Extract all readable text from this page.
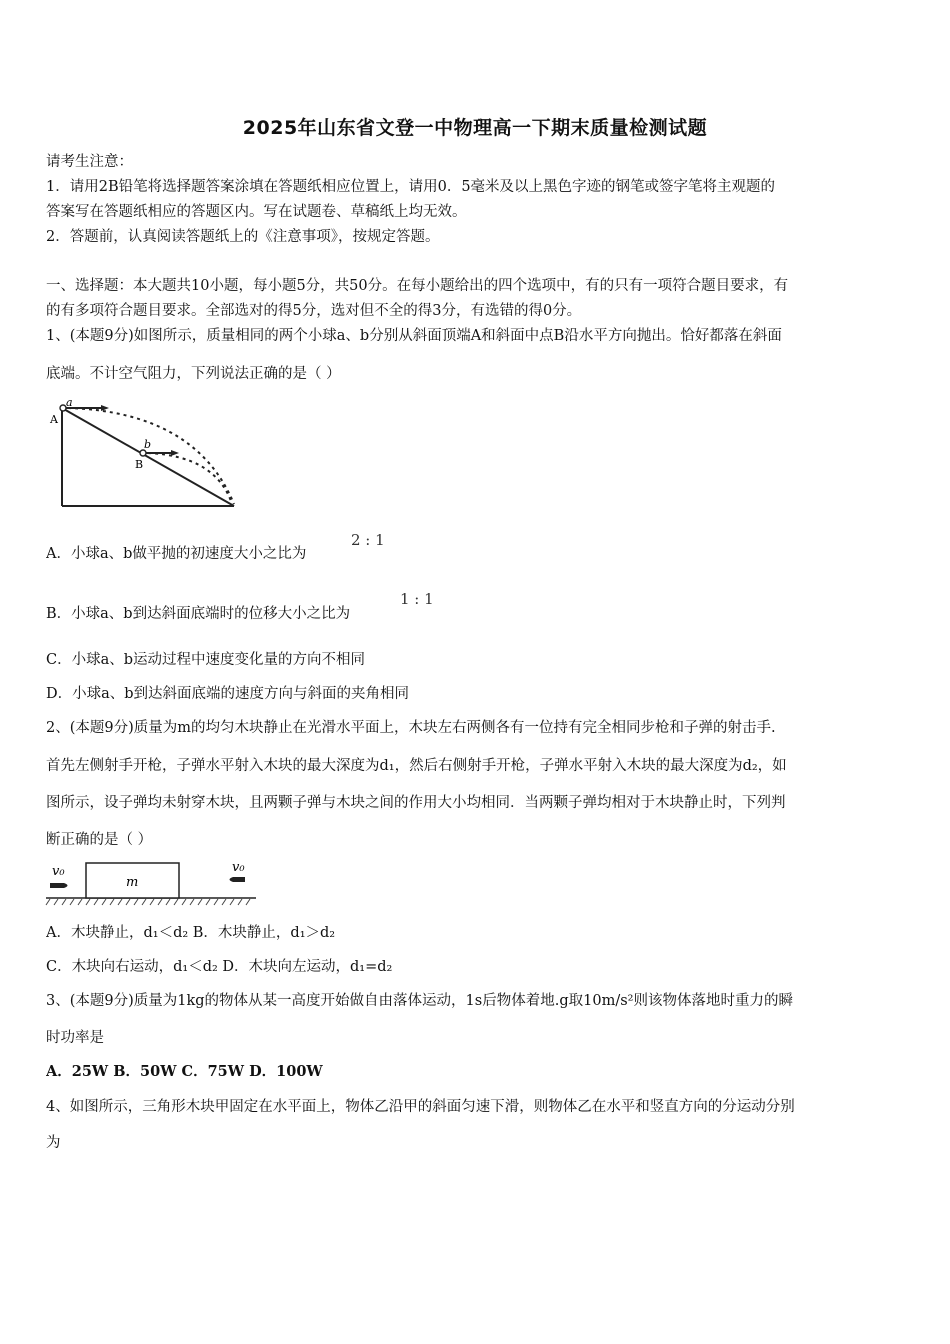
2025年山东省文登一中物理高一下期末质量检测试题
请考生注意：
1．请用2B铅笔将选择题答案涂填在答题纸相应位置上，请用0．5毫米及以上黑色字迹的钢笔或签字笔将主观题的
答案写在答题纸相应的答题区内。写在试题卷、草稿纸上均无效。
2．答题前，认真阅读答题纸上的《注意事项》，按规定答题。
一、选择题：本大题共10小题，每小题5分，共50分。在每小题给出的四个选项中，有的只有一项符合题目要求，有
的有多项符合题目要求。全部选对的得5分，选对但不全的得3分，有选错的得0分。
1、(本题9分)如图所示，质量相同的两个小球a、b分别从斜面顶端A和斜面中点B沿水平方向抛出。恰好都落在斜面
底端。不计空气阻力，下列说法正确的是（ ）
a
A
b
B
A．小球a、b做平抛的初速度大小之比为
2 : 1
B．小球a、b到达斜面底端时的位移大小之比为
1 : 1
C．小球a、b运动过程中速度变化量的方向不相同
D．小球a、b到达斜面底端的速度方向与斜面的夹角相同
2、(本题9分)质量为m的均匀木块静止在光滑水平面上，木块左右两侧各有一位持有完全相同步枪和子弹的射击手.
首先左侧射手开枪，子弹水平射入木块的最大深度为d₁，然后右侧射手开枪，子弹水平射入木块的最大深度为d₂，如
图所示，设子弹均未射穿木块，且两颗子弹与木块之间的作用大小均相同．当两颗子弹均相对于木块静止时，下列判
断正确的是（ ）
m
v₀	v₀
A．木块静止，d₁＜d₂ B．木块静止，d₁＞d₂
C．木块向右运动，d₁＜d₂ D．木块向左运动，d₁=d₂
3、(本题9分)质量为1kg的物体从某一高度开始做自由落体运动，1s后物体着地.g取10m/s²则该物体落地时重力的瞬
时功率是
A．25W B．50W C．75W D．100W
4、如图所示，三角形木块甲固定在水平面上，物体乙沿甲的斜面匀速下滑，则物体乙在水平和竖直方向的分运动分别
为
